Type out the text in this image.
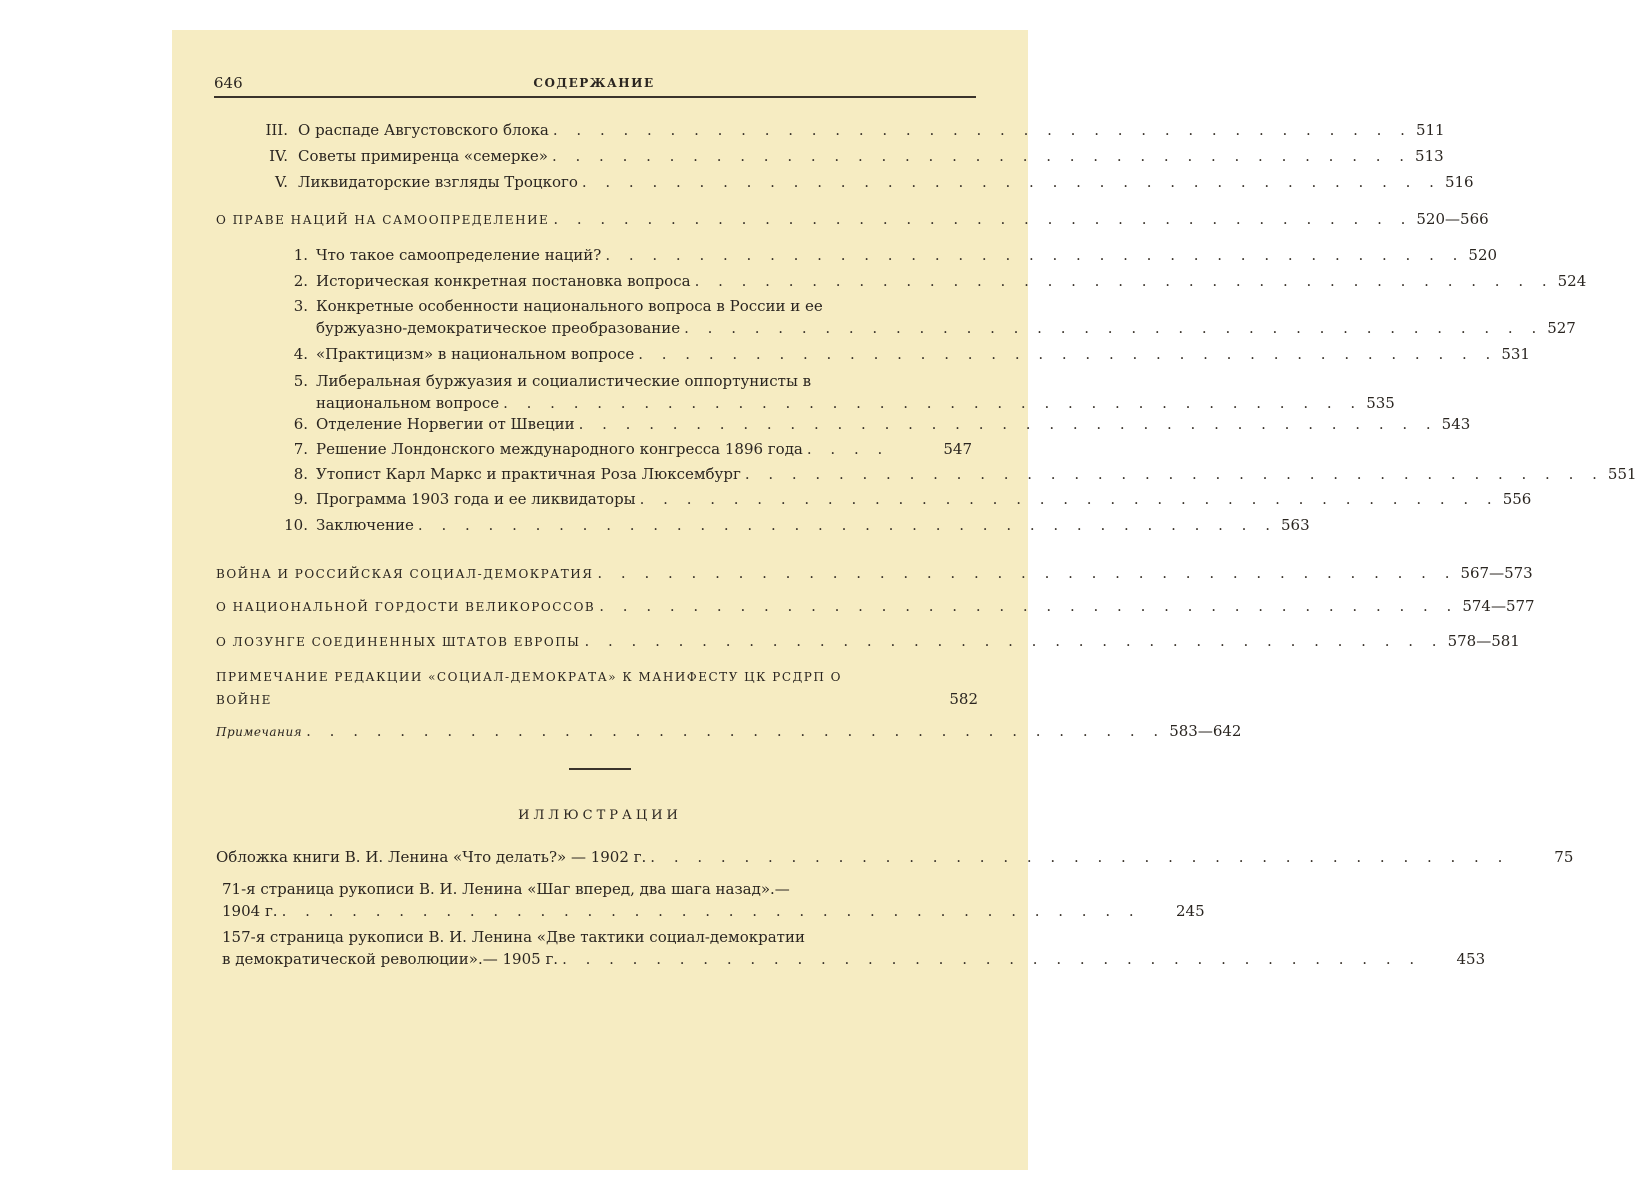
646	СОДЕРЖАНИЕ
III. О распаде Августовского блока . . . . . . . . . . . . . . . . . . . . . . . . . . . . . . . . . . . . . 511
IV. Советы примиренца «семерке» . . . . . . . . . . . . . . . . . . . . . . . . . . . . . . . . . . . . . 513
V. Ликвидаторские взгляды Троцкого . . . . . . . . . . . . . . . . . . . . . . . . . . . . . . . . . . . . . 516
О ПРАВЕ НАЦИЙ НА САМООПРЕДЕЛЕНИЕ . . . . . . . . . . . . . . . . . . . . . . . . . . . . . . . . . . . . . 520—566
1. Что такое самоопределение наций? . . . . . . . . . . . . . . . . . . . . . . . . . . . . . . . . . . . . . 520
2. Историческая конкретная постановка вопроса . . . . . . . . . . . . . . . . . . . . . . . . . . . . . . . . . . . . . 524
3. Конкретные особенности национального вопроса в России и ее
буржуазно-демократическое преобразование . . . . . . . . . . . . . . . . . . . . . . . . . . . . . . . . . . . . . 527
4. «Практицизм» в национальном вопросе . . . . . . . . . . . . . . . . . . . . . . . . . . . . . . . . . . . . . 531
5. Либеральная буржуазия и социалистические оппортунисты в
национальном вопросе . . . . . . . . . . . . . . . . . . . . . . . . . . . . . . . . . . . . . 535
6. Отделение Норвегии от Швеции . . . . . . . . . . . . . . . . . . . . . . . . . . . . . . . . . . . . . 543
7. Решение Лондонского международного конгресса 1896 года . . . .	547
8. Утопист Карл Маркс и практичная Роза Люксембург . . . . . . . . . . . . . . . . . . . . . . . . . . . . . . . . . . . . . 551
9. Программа 1903 года и ее ликвидаторы . . . . . . . . . . . . . . . . . . . . . . . . . . . . . . . . . . . . . 556
10. Заключение . . . . . . . . . . . . . . . . . . . . . . . . . . . . . . . . . . . . . 563
ВОЙНА И РОССИЙСКАЯ СОЦИАЛ-ДЕМОКРАТИЯ . . . . . . . . . . . . . . . . . . . . . . . . . . . . . . . . . . . . . 567—573
О НАЦИОНАЛЬНОЙ ГОРДОСТИ ВЕЛИКОРОССОВ . . . . . . . . . . . . . . . . . . . . . . . . . . . . . . . . . . . . . 574—577
О ЛОЗУНГЕ СОЕДИНЕННЫХ ШТАТОВ ЕВРОПЫ . . . . . . . . . . . . . . . . . . . . . . . . . . . . . . . . . . . . . 578—581
ПРИМЕЧАНИЕ РЕДАКЦИИ «СОЦИАЛ-ДЕМОКРАТА» К МАНИФЕСТУ ЦК РСДРП О
ВОЙНЕ	582
Примечания . . . . . . . . . . . . . . . . . . . . . . . . . . . . . . . . . . . . . 583—642
ИЛЛЮСТРАЦИИ
Обложка книги В. И. Ленина «Что делать?» — 1902 г. . . . . . . . . . . . . . . . . . . . . . . . . . . . . . . . . . . . . .	75
71-я страница рукописи В. И. Ленина «Шаг вперед, два шага назад».—
1904 г. . . . . . . . . . . . . . . . . . . . . . . . . . . . . . . . . . . . . .	245
157-я страница рукописи В. И. Ленина «Две тактики социал-демократии
в демократической революции».— 1905 г. . . . . . . . . . . . . . . . . . . . . . . . . . . . . . . . . . . . . .	453
